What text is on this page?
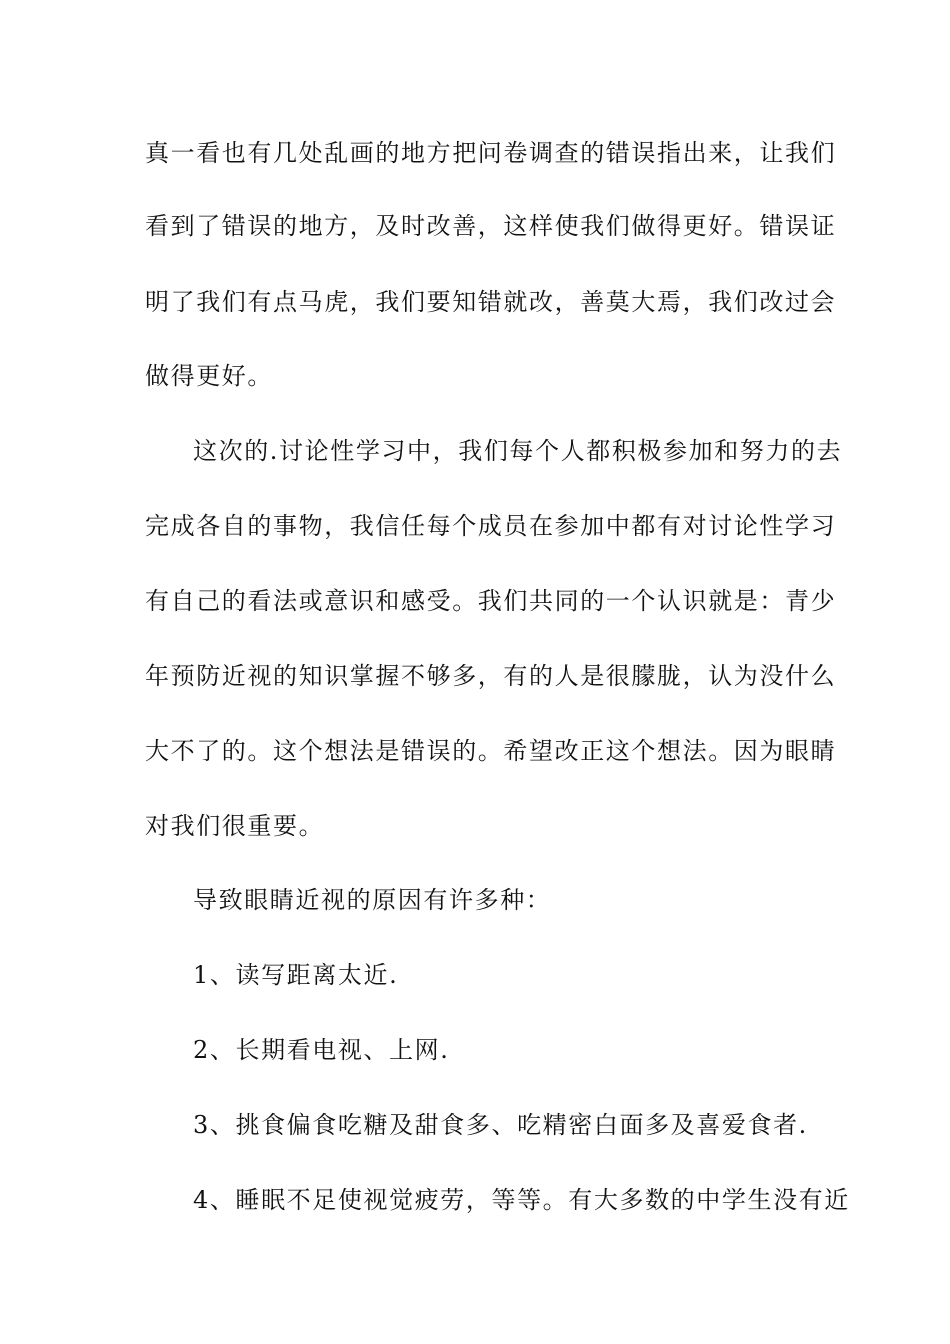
真一看也有几处乱画的地方把问卷调查的错误指出来，让我们
看到了错误的地方，及时改善，这样使我们做得更好。错误证
明了我们有点马虎，我们要知错就改，善莫大焉，我们改过会
做得更好。
这次的.讨论性学习中，我们每个人都积极参加和努力的去
完成各自的事物，我信任每个成员在参加中都有对讨论性学习
有自己的看法或意识和感受。我们共同的一个认识就是：青少
年预防近视的知识掌握不够多，有的人是很朦胧，认为没什么
大不了的。这个想法是错误的。希望改正这个想法。因为眼睛
对我们很重要。
导致眼睛近视的原因有许多种：
1、读写距离太近.
2、长期看电视、上网.
3、挑食偏食吃糖及甜食多、吃精密白面多及喜爱食者.
4、睡眠不足使视觉疲劳，等等。有大多数的中学生没有近
